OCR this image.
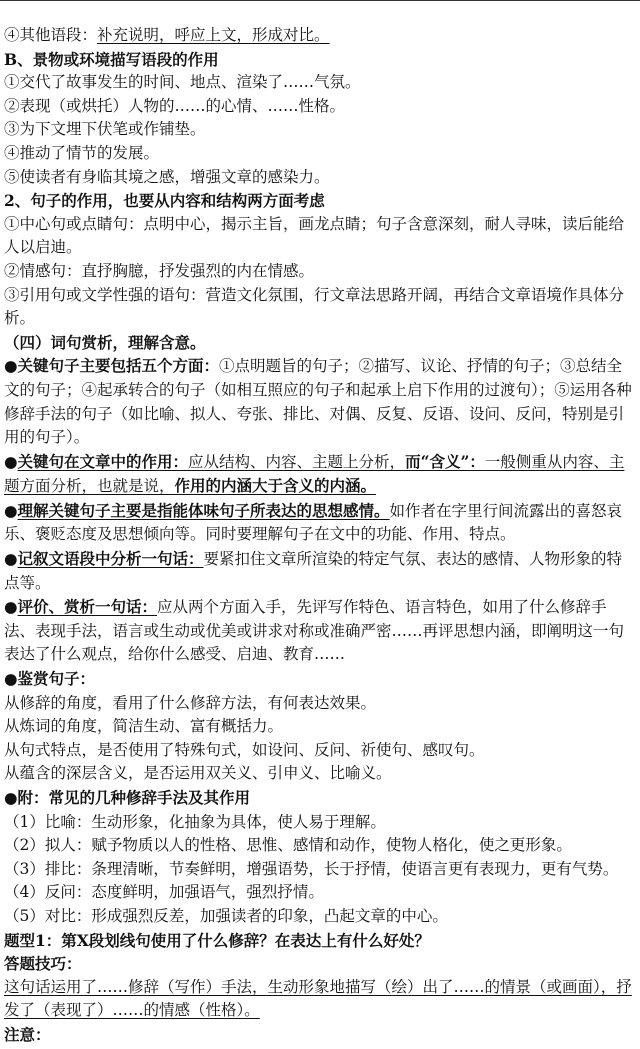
④其他语段：补充说明，呼应上文，形成对比。
B、景物或环境描写语段的作用
①交代了故事发生的时间、地点、渲染了……气氛。
②表现（或烘托）人物的……的心情、……性格。
③为下文埋下伏笔或作铺垫。
④推动了情节的发展。
⑤使读者有身临其境之感，增强文章的感染力。
2、句子的作用，也要从内容和结构两方面考虑
①中心句或点睛句：点明中心，揭示主旨，画龙点睛；句子含意深刻，耐人寻味，读后能给人以启迪。
②情感句：直抒胸臆，抒发强烈的内在情感。
③引用句或文学性强的语句：营造文化氛围，行文章法思路开阔，再结合文章语境作具体分析。
（四）词句赏析，理解含意。
●关键句子主要包括五个方面：①点明题旨的句子；②描写、议论、抒情的句子；③总结全文的句子；④起承转合的句子（如相互照应的句子和起承上启下作用的过渡句）；⑤运用各种修辞手法的句子（如比喻、拟人、夸张、排比、对偶、反复、反语、设问、反问，特别是引用的句子）。
●关键句在文章中的作用：应从结构、内容、主题上分析，而“含义”：一般侧重从内容、主题方面分析，也就是说，作用的内涵大于含义的内涵。
●理解关键句子主要是指能体味句子所表达的思想感情。如作者在字里行间流露出的喜怒哀乐、褒贬态度及思想倾向等。同时要理解句子在文中的功能、作用、特点。
●记叙文语段中分析一句话：要紧扣住文章所渲染的特定气氛、表达的感情、人物形象的特点等。
●评价、赏析一句话：应从两个方面入手，先评写作特色、语言特色，如用了什么修辞手法、表现手法，语言或生动或优美或讲求对称或准确严密……再评思想内涵，即阐明这一句表达了什么观点，给你什么感受、启迪、教育……
●鉴赏句子：
从修辞的角度，看用了什么修辞方法，有何表达效果。
从炼词的角度，简洁生动、富有概括力。
从句式特点，是否使用了特殊句式，如设问、反问、祈使句、感叹句。
从蕴含的深层含义，是否运用双关义、引申义、比喻义。
●附：常见的几种修辞手法及其作用
（1）比喻：生动形象，化抽象为具体，使人易于理解。
（2）拟人：赋予物质以人的性格、思惟、感情和动作，使物人格化，使之更形象。
（3）排比：条理清晰，节奏鲜明，增强语势，长于抒情，使语言更有表现力，更有气势。
（4）反问：态度鲜明，加强语气，强烈抒情。
（5）对比：形成强烈反差，加强读者的印象，凸起文章的中心。
题型1：第X段划线句使用了什么修辞？在表达上有什么好处？
答题技巧：
这句话运用了……修辞（写作）手法，生动形象地描写（绘）出了……的情景（或画面），抒发了（表现了）……的情感（性格）。
注意：
